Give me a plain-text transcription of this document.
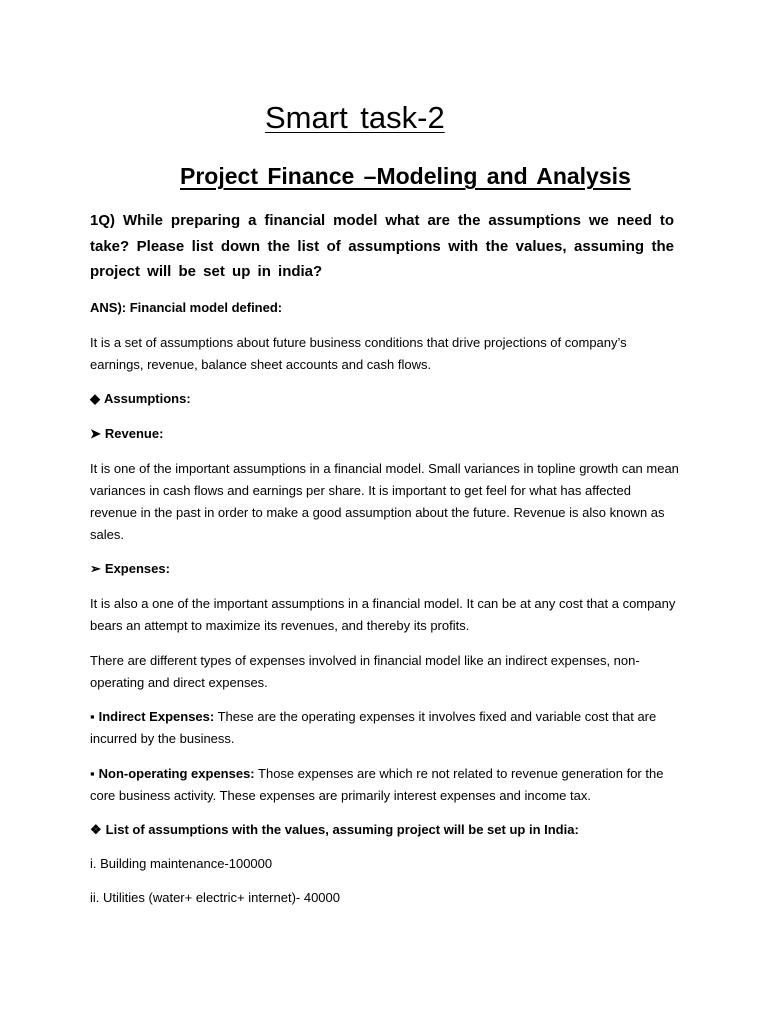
Smart task-2
Project Finance –Modeling and Analysis
1Q) While preparing a financial model what are the assumptions we need to take? Please list down the list of assumptions with the values, assuming the project will be set up in india?
ANS): Financial model defined:
It is a set of assumptions about future business conditions that drive projections of company’s earnings, revenue, balance sheet accounts and cash flows.
◆ Assumptions:
➤ Revenue:
It is one of the important assumptions in a financial model. Small variances in topline growth can mean variances in cash flows and earnings per share. It is important to get feel for what has affected revenue in the past in order to make a good assumption about the future. Revenue is also known as sales.
➢ Expenses:
It is also a one of the important assumptions in a financial model. It can be at any cost that a company bears an attempt to maximize its revenues, and thereby its profits.
There are different types of expenses involved in financial model like an indirect expenses, non-operating and direct expenses.
▪ Indirect Expenses: These are the operating expenses it involves fixed and variable cost that are incurred by the business.
▪ Non-operating expenses: Those expenses are which re not related to revenue generation for the core business activity. These expenses are primarily interest expenses and income tax.
❖ List of assumptions with the values, assuming project will be set up in India:
i. Building maintenance-100000
ii. Utilities (water+ electric+ internet)- 40000
